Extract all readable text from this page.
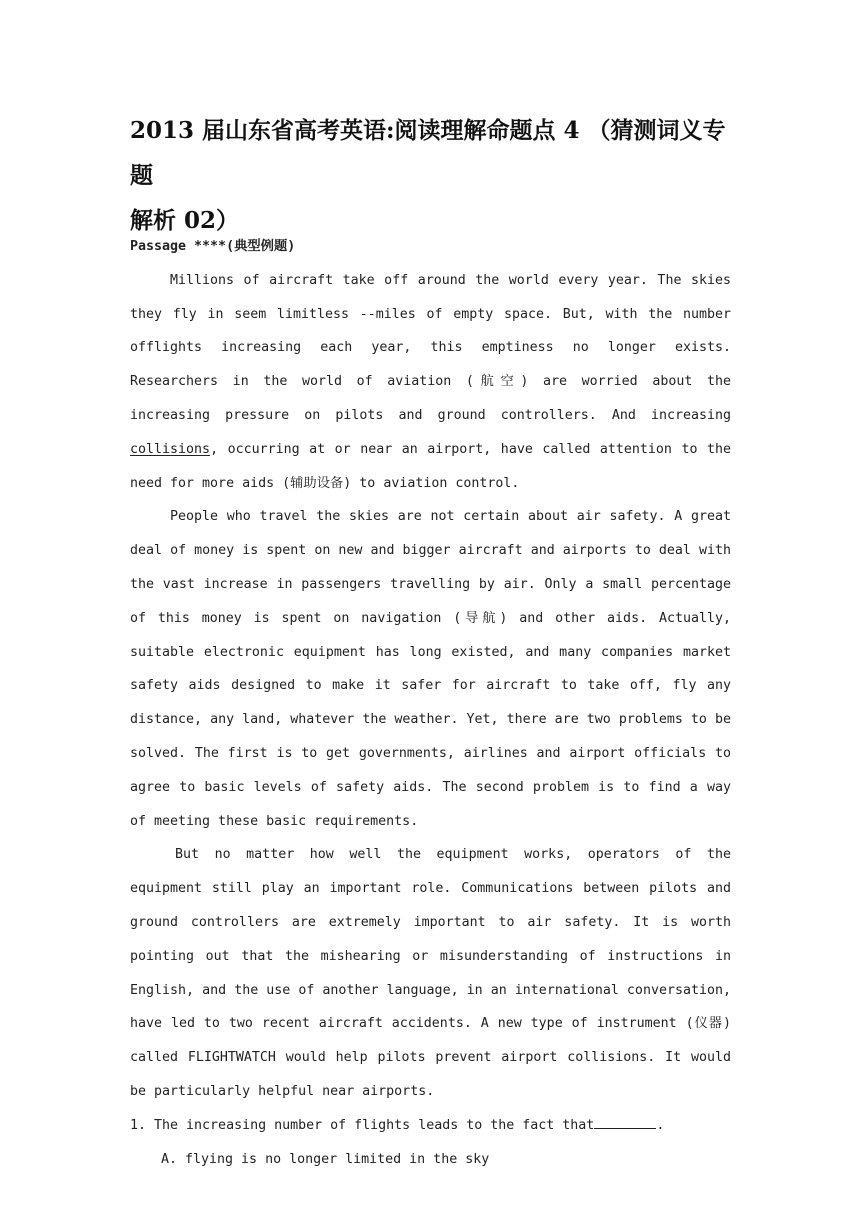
2013 届山东省高考英语:阅读理解命题点 4 （猜测词义专题
解析 02）

Passage ****(典型例题)

Millions of aircraft take off around the world every year. The skies they fly in seem limitless --miles of empty space. But, with the number offlights increasing each year, this emptiness no longer exists. Researchers in the world of aviation (航空) are worried about the increasing pressure on pilots and ground controllers. And increasing collisions, occurring at or near an airport, have called attention to the need for more aids (辅助设备) to aviation control.

People who travel the skies are not certain about air safety. A great deal of money is spent on new and bigger aircraft and airports to deal with the vast increase in passengers travelling by air. Only a small percentage of this money is spent on navigation (导航) and other aids. Actually, suitable electronic equipment has long existed, and many companies market safety aids designed to make it safer for aircraft to take off, fly any distance, any land, whatever the weather. Yet, there are two problems to be solved. The first is to get governments, airlines and airport officials to agree to basic levels of safety aids. The second problem is to find a way of meeting these basic requirements.

But no matter how well the equipment works, operators of the equipment still play an important role. Communications between pilots and ground controllers are extremely important to air safety. It is worth pointing out that the mishearing or misunderstanding of instructions in English, and the use of another language, in an international conversation, have led to two recent aircraft accidents. A new type of instrument (仪器) called FLIGHTWATCH would help pilots prevent airport collisions. It would be particularly helpful near airports.

1. The increasing number of flights leads to the fact that	.

A. flying is no longer limited in the sky
